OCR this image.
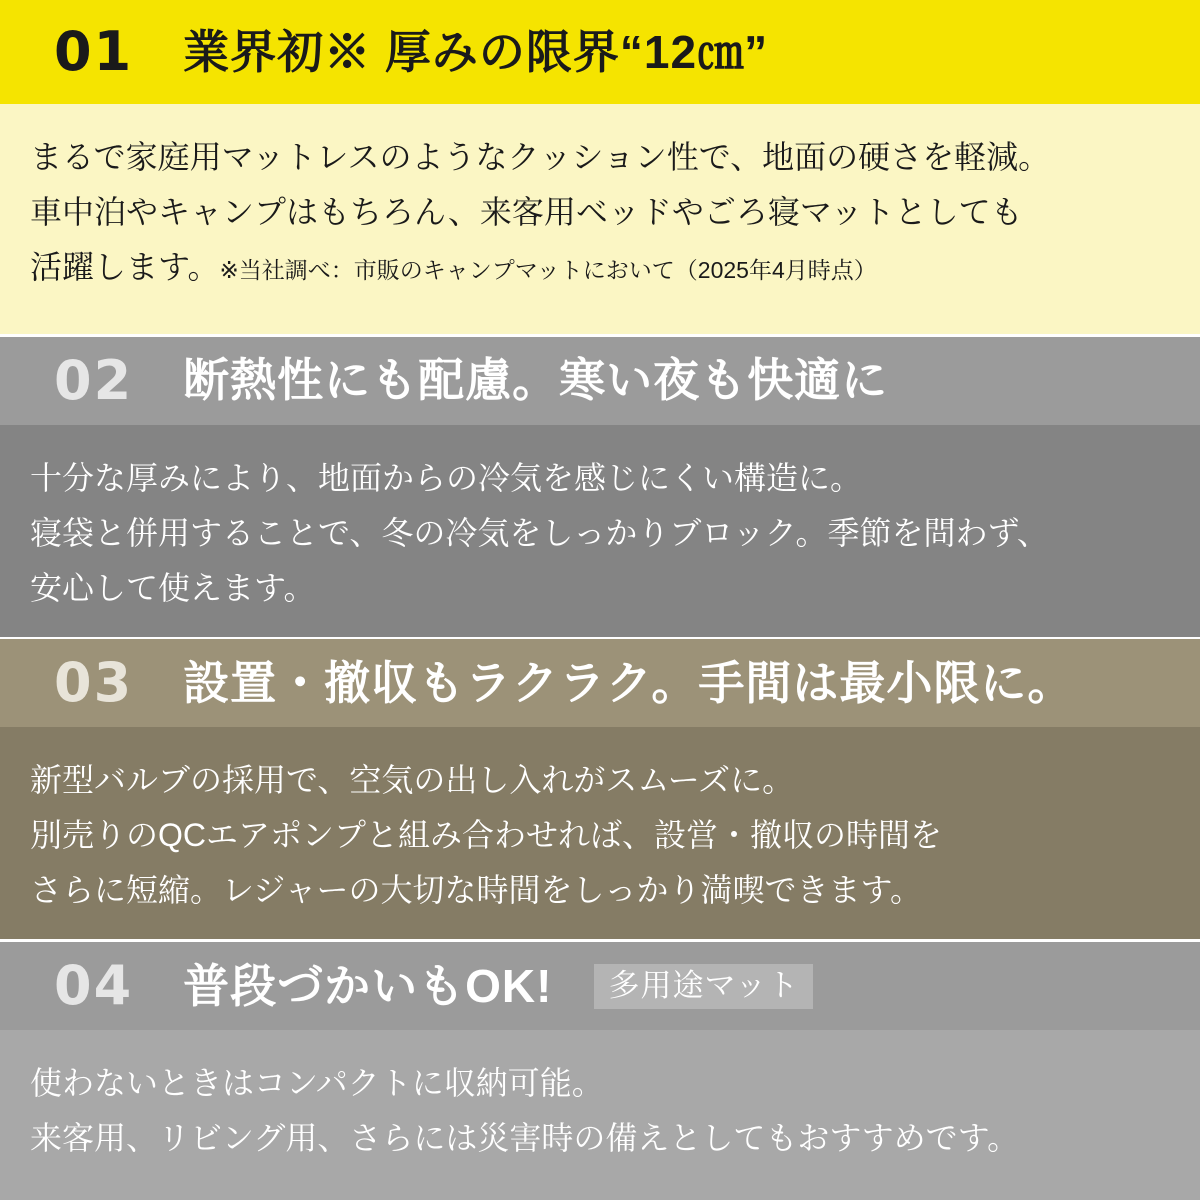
01 業界初※ 厚みの限界“12㎝”
まるで家庭用マットレスのようなクッション性で、地面の硬さを軽減。
車中泊やキャンプはもちろん、来客用ベッドやごろ寝マットとしても
活躍します。※当社調べ：市販のキャンプマットにおいて（2025年4月時点）
02 断熱性にも配慮。寒い夜も快適に
十分な厚みにより、地面からの冷気を感じにくい構造に。
寝袋と併用することで、冬の冷気をしっかりブロック。季節を問わず、
安心して使えます。
03 設置・撤収もラクラク。手間は最小限に。
新型バルブの採用で、空気の出し入れがスムーズに。
別売りのQCエアポンプと組み合わせれば、設営・撤収の時間を
さらに短縮。レジャーの大切な時間をしっかり満喫できます。
04 普段づかいもOK!	多用途マット
使わないときはコンパクトに収納可能。
来客用、リビング用、さらには災害時の備えとしてもおすすめです。
